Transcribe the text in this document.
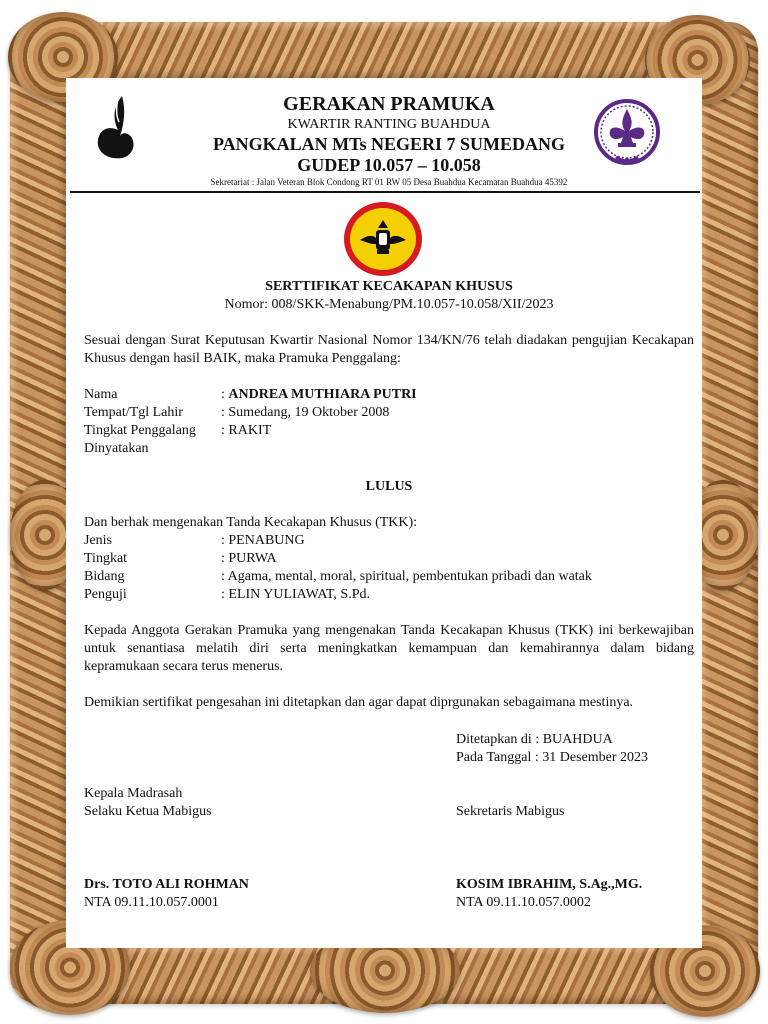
GERAKAN PRAMUKA
KWARTIR RANTING BUAHDUA
PANGKALAN MTs NEGERI 7 SUMEDANG
GUDEP 10.057 – 10.058
Sekretariat : Jalan Veteran Blok Condong RT 01 RW 05 Desa Buahdua Kecamatan Buahdua 45392
SERTTIFIKAT KECAKAPAN KHUSUS
Nomor: 008/SKK-Menabung/PM.10.057-10.058/XII/2023
Sesuai dengan Surat Keputusan Kwartir Nasional Nomor 134/KN/76 telah diadakan pengujian Kecakapan Khusus dengan hasil BAIK, maka Pramuka Penggalang:
Nama	: ANDREA MUTHIARA PUTRI
Tempat/Tgl Lahir	: Sumedang, 19 Oktober 2008
Tingkat Penggalang : RAKIT
Dinyatakan
LULUS
Dan berhak mengenakan Tanda Kecakapan Khusus (TKK):
Jenis	: PENABUNG
Tingkat	: PURWA
Bidang	: Agama, mental, moral, spiritual, pembentukan pribadi dan watak
Penguji	: ELIN YULIAWAT, S.Pd.
Kepada Anggota Gerakan Pramuka yang mengenakan Tanda Kecakapan Khusus (TKK) ini berkewajiban untuk senantiasa melatih diri serta meningkatkan kemampuan dan kemahirannya dalam bidang kepramukaan secara terus menerus.
Demikian sertifikat pengesahan ini ditetapkan dan agar dapat diprgunakan sebagaimana mestinya.
Ditetapkan di : BUAHDUA
Pada Tanggal : 31 Desember 2023
Kepala Madrasah
Selaku Ketua Mabigus	Sekretaris Mabigus
Drs. TOTO ALI ROHMAN
NTA 09.11.10.057.0001
KOSIM IBRAHIM, S.Ag.,MG.
NTA 09.11.10.057.0002
